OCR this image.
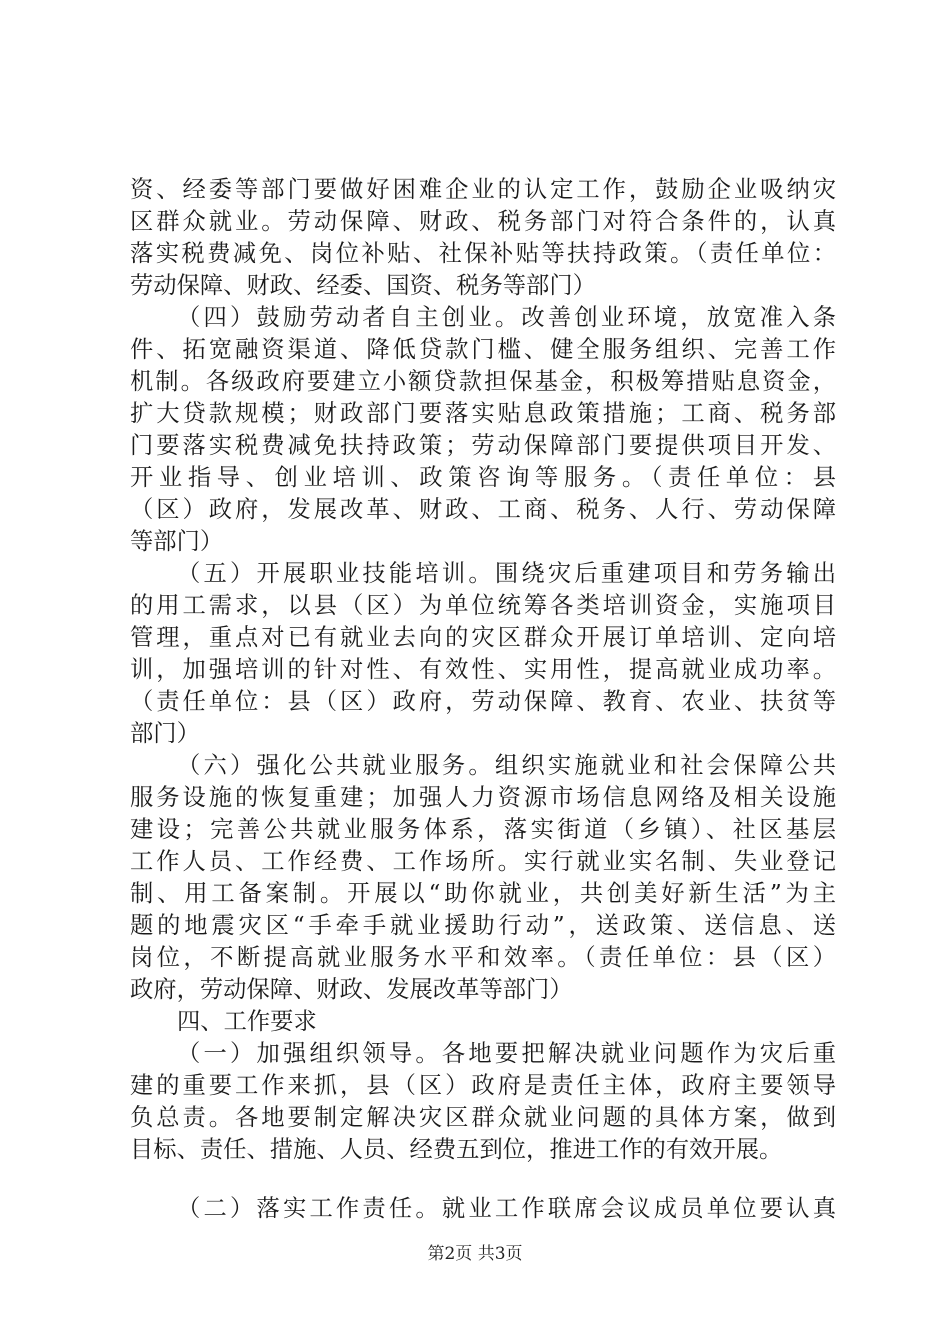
资、经委等部门要做好困难企业的认定工作，鼓励企业吸纳灾
区群众就业。劳动保障、财政、税务部门对符合条件的，认真
落实税费减免、岗位补贴、社保补贴等扶持政策。（责任单位：
劳动保障、财政、经委、国资、税务等部门）
（四）鼓励劳动者自主创业。改善创业环境，放宽准入条
件、拓宽融资渠道、降低贷款门槛、健全服务组织、完善工作
机制。各级政府要建立小额贷款担保基金，积极筹措贴息资金，
扩大贷款规模；财政部门要落实贴息政策措施；工商、税务部
门要落实税费减免扶持政策；劳动保障部门要提供项目开发、
开业指导、创业培训、政策咨询等服务。（责任单位：县
（区）政府，发展改革、财政、工商、税务、人行、劳动保障
等部门）
（五）开展职业技能培训。围绕灾后重建项目和劳务输出
的用工需求，以县（区）为单位统筹各类培训资金，实施项目
管理，重点对已有就业去向的灾区群众开展订单培训、定向培
训，加强培训的针对性、有效性、实用性，提高就业成功率。
（责任单位：县（区）政府，劳动保障、教育、农业、扶贫等
部门）
（六）强化公共就业服务。组织实施就业和社会保障公共
服务设施的恢复重建；加强人力资源市场信息网络及相关设施
建设；完善公共就业服务体系，落实街道（乡镇）、社区基层
工作人员、工作经费、工作场所。实行就业实名制、失业登记
制、用工备案制。开展以“助你就业，共创美好新生活”为主
题的地震灾区“手牵手就业援助行动”，送政策、送信息、送
岗位，不断提高就业服务水平和效率。（责任单位：县（区）
政府，劳动保障、财政、发展改革等部门）
四、工作要求
（一）加强组织领导。各地要把解决就业问题作为灾后重
建的重要工作来抓，县（区）政府是责任主体，政府主要领导
负总责。各地要制定解决灾区群众就业问题的具体方案，做到
目标、责任、措施、人员、经费五到位，推进工作的有效开展。
（二）落实工作责任。就业工作联席会议成员单位要认真
第2页 共3页
